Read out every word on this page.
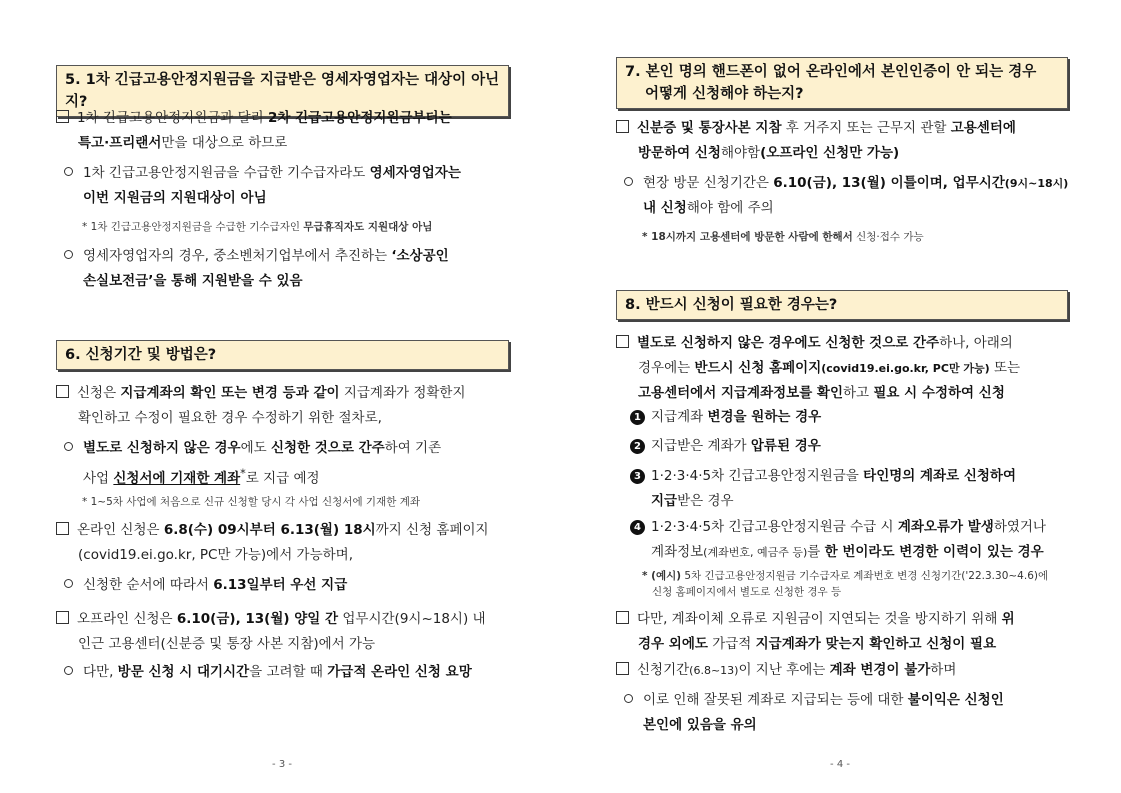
5. 1차 긴급고용안정지원금을 지급받은 영세자영업자는 대상이 아닌지?
1차 긴급고용안정지원금과 달리 2차 긴급고용안정지원금부터는
특고·프리랜서만을 대상으로 하므로
1차 긴급고용안정지원금을 수급한 기수급자라도 영세자영업자는
이번 지원금의 지원대상이 아님
* 1차 긴급고용안정지원금을 수급한 기수급자인 무급휴직자도 지원대상 아님
영세자영업자의 경우, 중소벤처기업부에서 추진하는 ‘소상공인
손실보전금’을 통해 지원받을 수 있음
6. 신청기간 및 방법은?
신청은 지급계좌의 확인 또는 변경 등과 같이 지급계좌가 정확한지
확인하고 수정이 필요한 경우 수정하기 위한 절차로,
별도로 신청하지 않은 경우에도 신청한 것으로 간주하여 기존
사업 신청서에 기재한 계좌*로 지급 예정
* 1~5차 사업에 처음으로 신규 신청할 당시 각 사업 신청서에 기재한 계좌
온라인 신청은 6.8(수) 09시부터 6.13(월) 18시까지 신청 홈페이지
(covid19.ei.go.kr, PC만 가능)에서 가능하며,
신청한 순서에 따라서 6.13일부터 우선 지급
오프라인 신청은 6.10(금), 13(월) 양일 간 업무시간(9시~18시) 내
인근 고용센터(신분증 및 통장 사본 지참)에서 가능
다만, 방문 신청 시 대기시간을 고려할 때 가급적 온라인 신청 요망
- 3 -
7. 본인 명의 핸드폰이 없어 온라인에서 본인인증이 안 되는 경우
어떻게 신청해야 하는지?
신분증 및 통장사본 지참 후 거주지 또는 근무지 관할 고용센터에
방문하여 신청해야함(오프라인 신청만 가능)
현장 방문 신청기간은 6.10(금), 13(월) 이틀이며, 업무시간(9시~18시)
내 신청해야 함에 주의
* 18시까지 고용센터에 방문한 사람에 한해서 신청·접수 가능
8. 반드시 신청이 필요한 경우는?
별도로 신청하지 않은 경우에도 신청한 것으로 간주하나, 아래의
경우에는 반드시 신청 홈페이지(covid19.ei.go.kr, PC만 가능) 또는
고용센터에서 지급계좌정보를 확인하고 필요 시 수정하여 신청
1 지급계좌 변경을 원하는 경우
2 지급받은 계좌가 압류된 경우
3 1·2·3·4·5차 긴급고용안정지원금을 타인명의 계좌로 신청하여
지급받은 경우
4 1·2·3·4·5차 긴급고용안정지원금 수급 시 계좌오류가 발생하였거나
계좌정보(계좌번호, 예금주 등)를 한 번이라도 변경한 이력이 있는 경우
* (예시) 5차 긴급고용안정지원금 기수급자로 계좌번호 변경 신청기간('22.3.30~4.6)에
신청 홈페이지에서 별도로 신청한 경우 등
다만, 계좌이체 오류로 지원금이 지연되는 것을 방지하기 위해 위
경우 외에도 가급적 지급계좌가 맞는지 확인하고 신청이 필요
신청기간(6.8~13)이 지난 후에는 계좌 변경이 불가하며
이로 인해 잘못된 계좌로 지급되는 등에 대한 불이익은 신청인
본인에 있음을 유의
- 4 -
